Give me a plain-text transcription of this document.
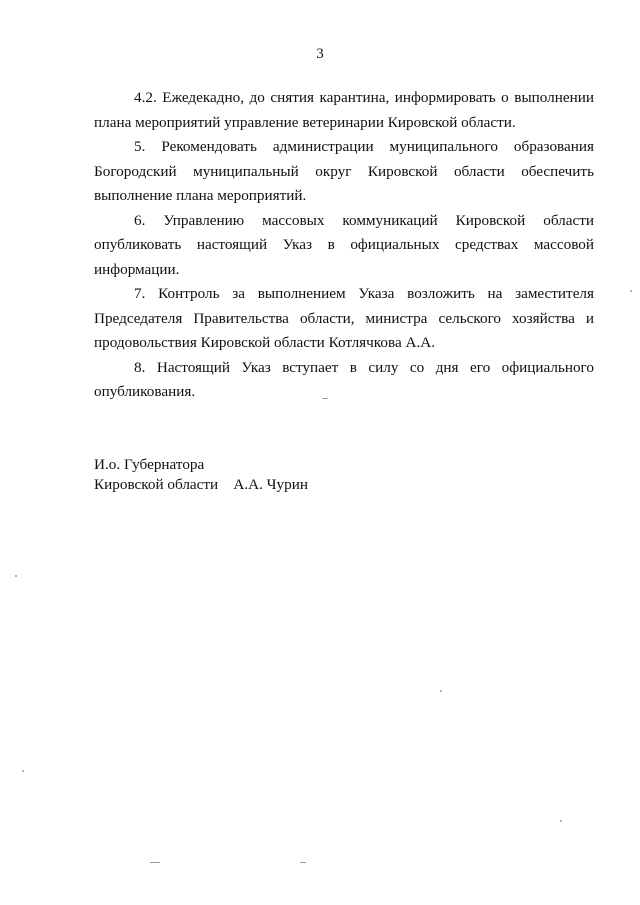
3

4.2. Ежедекадно, до снятия карантина, информировать о выполнении плана мероприятий управление ветеринарии Кировской области.

5. Рекомендовать администрации муниципального образования Богородский муниципальный округ Кировской области обеспечить выполнение плана мероприятий.

6. Управлению массовых коммуникаций Кировской области опубликовать настоящий Указ в официальных средствах массовой информации.

7. Контроль за выполнением Указа возложить на заместителя Председателя Правительства области, министра сельского хозяйства и продовольствия Кировской области Котлячкова А.А.

8. Настоящий Указ вступает в силу со дня его официального опубликования.

И.о. Губернатора
Кировской области    А.А. Чурин
